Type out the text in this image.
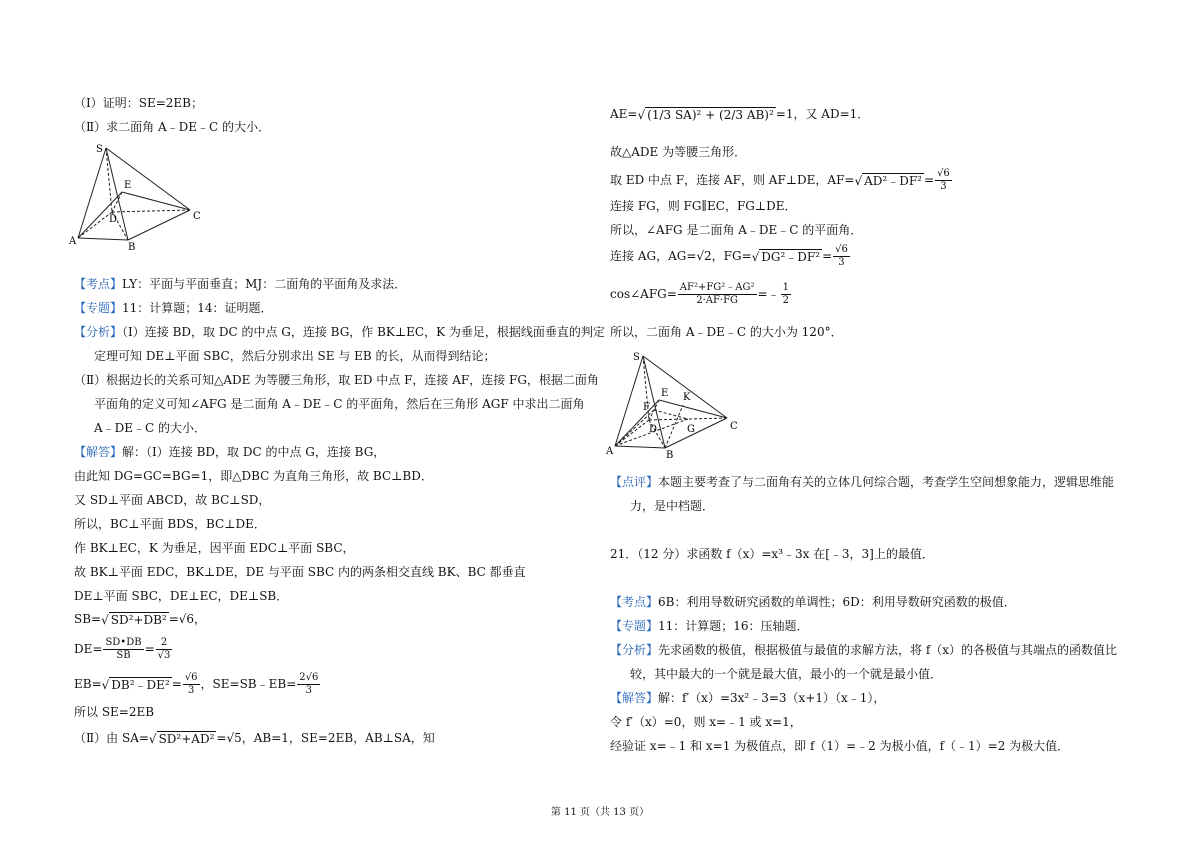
（Ⅰ）证明：SE=2EB；
（Ⅱ）求二面角 A﹣DE﹣C 的大小．
S
E
D	C
A
B
【考点】LY：平面与平面垂直；MJ：二面角的平面角及求法．
【专题】11：计算题；14：证明题．
【分析】（Ⅰ）连接 BD，取 DC 的中点 G，连接 BG，作 BK⊥EC，K 为垂足，根据线面垂直的判定
定理可知 DE⊥平面 SBC，然后分别求出 SE 与 EB 的长，从而得到结论；
（Ⅱ）根据边长的关系可知△ADE 为等腰三角形，取 ED 中点 F，连接 AF，连接 FG，根据二面角
平面角的定义可知∠AFG 是二面角 A﹣DE﹣C 的平面角，然后在三角形 AGF 中求出二面角
A﹣DE﹣C 的大小．
【解答】解：（Ⅰ）连接 BD，取 DC 的中点 G，连接 BG，
由此知 DG=GC=BG=1，即△DBC 为直角三角形，故 BC⊥BD．
又 SD⊥平面 ABCD，故 BC⊥SD，
所以，BC⊥平面 BDS，BC⊥DE．
作 BK⊥EC，K 为垂足，因平面 EDC⊥平面 SBC，
故 BK⊥平面 EDC，BK⊥DE，DE 与平面 SBC 内的两条相交直线 BK、BC 都垂直
DE⊥平面 SBC，DE⊥EC，DE⊥SB．
SB=√ SD²+DB² =√6，
$DE= \frac{SD•DB}{SB} = \frac{2}{√3}$
EB=√ DB²﹣DE² = $\frac{√6}{3}$ ，SE=SB﹣EB= $\frac{2√6}{3}$
所以 SE=2EB
（Ⅱ）由 SA=√ SD²+AD² =√5，AB=1，SE=2EB，AB⊥SA，知
AE=√ (1/3 SA)² + (2/3 AB)² =1，又 AD=1．
故△ADE 为等腰三角形．
取 ED 中点 F，连接 AF，则 AF⊥DE，AF=√ AD²﹣DF² = $\frac{√6}{3}$
连接 FG，则 FG∥EC，FG⊥DE．
所以，∠AFG 是二面角 A﹣DE﹣C 的平面角．
连接 AG，AG=√2，FG=√ DG²﹣DF² = $\frac{√6}{3}$
cos∠AFG= $\frac{\text{AF²+FG²﹣AG²}}{2\cdot AF\cdot FG}$ =﹣ $\frac{1}{2}$
所以，二面角 A﹣DE﹣C 的大小为 120°．
S
E K
F
D	G	C
A	B
【点评】本题主要考查了与二面角有关的立体几何综合题，考查学生空间想象能力，逻辑思维能
力，是中档题．
21．（12 分）求函数 f（x）=x³﹣3x 在[﹣3，3]上的最值．
【考点】6B：利用导数研究函数的单调性；6D：利用导数研究函数的极值．
【专题】11：计算题；16：压轴题．
【分析】先求函数的极值，根据极值与最值的求解方法，将 f（x）的各极值与其端点的函数值比
较，其中最大的一个就是最大值，最小的一个就是最小值．
【解答】解：f′（x）=3x²﹣3=3（x+1）（x﹣1），
令 f′（x）=0，则 x=﹣1 或 x=1，
经验证 x=﹣1 和 x=1 为极值点，即 f（1）=﹣2 为极小值，f（﹣1）=2 为极大值．
第 11 页（共 13 页）
